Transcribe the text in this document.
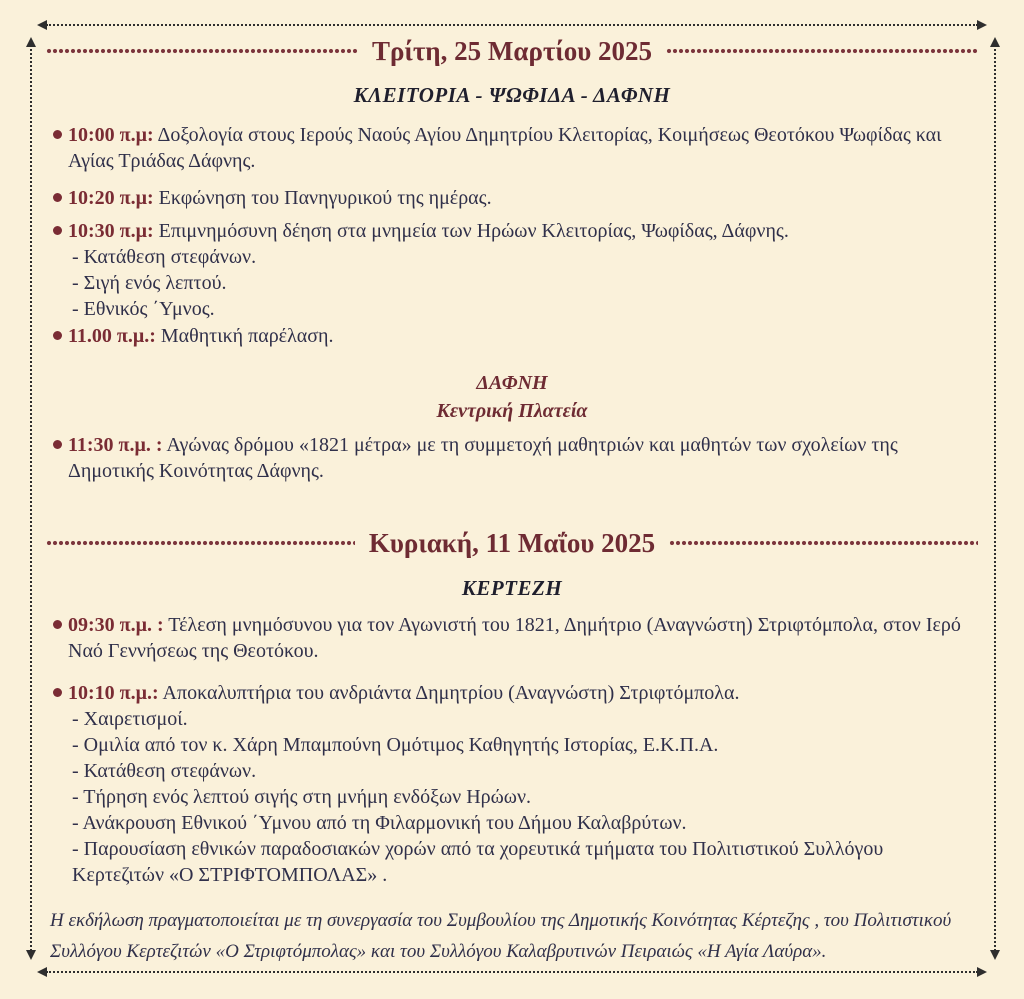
Τρίτη, 25 Μαρτίου 2025
ΚΛΕΙΤΟΡΙΑ - ΨΩΦΙΔΑ - ΔΑΦΝΗ
10:00 π.μ: Δοξολογία στους Ιερούς Ναούς Αγίου Δημητρίου Κλειτορίας, Κοιμήσεως Θεοτόκου Ψωφίδας και Αγίας Τριάδας Δάφνης.
10:20 π.μ: Εκφώνηση του Πανηγυρικού της ημέρας.
10:30 π.μ: Επιμνημόσυνη δέηση στα μνημεία των Ηρώων Κλειτορίας, Ψωφίδας, Δάφνης.
- Κατάθεση στεφάνων.
- Σιγή ενός λεπτού.
- Εθνικός ΄Υμνος.
11.00 π.μ.: Μαθητική παρέλαση.
ΔΑΦΝΗ
Κεντρική Πλατεία
11:30 π.μ. : Αγώνας δρόμου «1821 μέτρα» με τη συμμετοχή μαθητριών και μαθητών των σχολείων της Δημοτικής Κοινότητας Δάφνης.
Κυριακή, 11 Μαΐου 2025
ΚΕΡΤΕΖΗ
09:30 π.μ. : Τέλεση μνημόσυνου για τον Αγωνιστή του 1821, Δημήτριο (Αναγνώστη) Στριφτόμπολα, στον Ιερό Ναό Γεννήσεως της Θεοτόκου.
10:10 π.μ.: Αποκαλυπτήρια του ανδριάντα Δημητρίου (Αναγνώστη) Στριφτόμπολα.
- Χαιρετισμοί.
- Ομιλία από τον κ. Χάρη Μπαμπούνη Ομότιμος Καθηγητής Ιστορίας, Ε.Κ.Π.Α.
- Κατάθεση στεφάνων.
- Τήρηση ενός λεπτού σιγής στη μνήμη ενδόξων Ηρώων.
- Ανάκρουση Εθνικού ΄Υμνου από τη Φιλαρμονική του Δήμου Καλαβρύτων.
- Παρουσίαση εθνικών παραδοσιακών χορών από τα χορευτικά τμήματα του Πολιτιστικού Συλλόγου Κερτεζιτών «Ο ΣΤΡΙΦΤΟΜΠΟΛΑΣ» .
Η εκδήλωση πραγματοποιείται με τη συνεργασία του Συμβουλίου της Δημοτικής Κοινότητας Κέρτεζης , του Πολιτιστικού Συλλόγου Κερτεζιτών «Ο Στριφτόμπολας» και του Συλλόγου Καλαβρυτινών Πειραιώς «Η Αγία Λαύρα».
